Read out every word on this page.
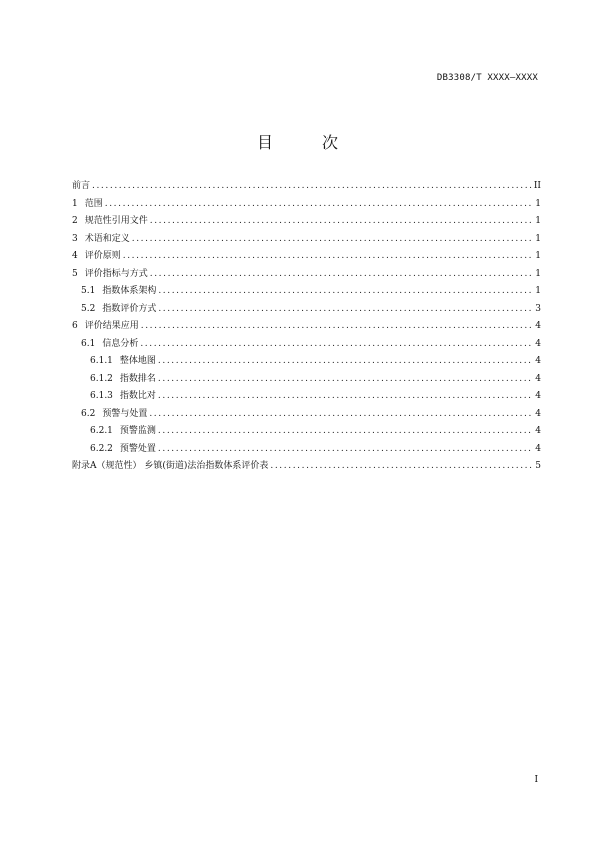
DB3308/T XXXX—XXXX
目 次
前言 .....	II
1 范围 .....	1
2 规范性引用文件 .....	1
3 术语和定义 .....	1
4 评价原则 .....	1
5 评价指标与方式 .....	1
5.1 指数体系架构 .....	1
5.2 指数评价方式 .....	3
6 评价结果应用 .....	4
6.1 信息分析 .....	4
6.1.1 整体地图 .....	4
6.1.2 指数排名 .....	4
6.1.3 指数比对 .....	4
6.2 预警与处置 .....	4
6.2.1 预警监测 .....	4
6.2.2 预警处置 .....	4
附录A（规范性） 乡镇(街道)法治指数体系评价表 .....	5
I
